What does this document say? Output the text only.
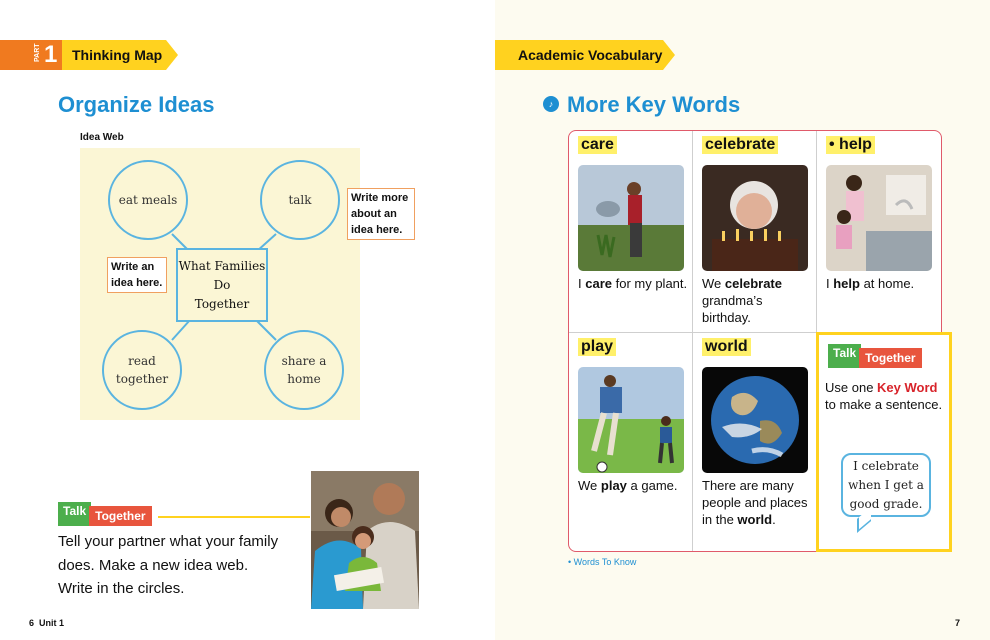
PART 1 Thinking Map
Organize Ideas
Idea Web
eat meals	talk
read together
share a home
What Families
Do
Together
Write more
about an
idea here.
Write an
idea here.
Talk Together
Tell your partner what your family
does. Make a new idea web.
Write in the circles.
6 Unit 1
Academic Vocabulary
♪ More Key Words
care
I care for my plant.
celebrate
We celebrate grandma’s birthday.
• help
I help at home.
play
We play a game.
world
There are many people and places in the world.
Talk Together
Use one Key Word to make a sentence.
I celebrate
when I get a
good grade.
• Words To Know
7
